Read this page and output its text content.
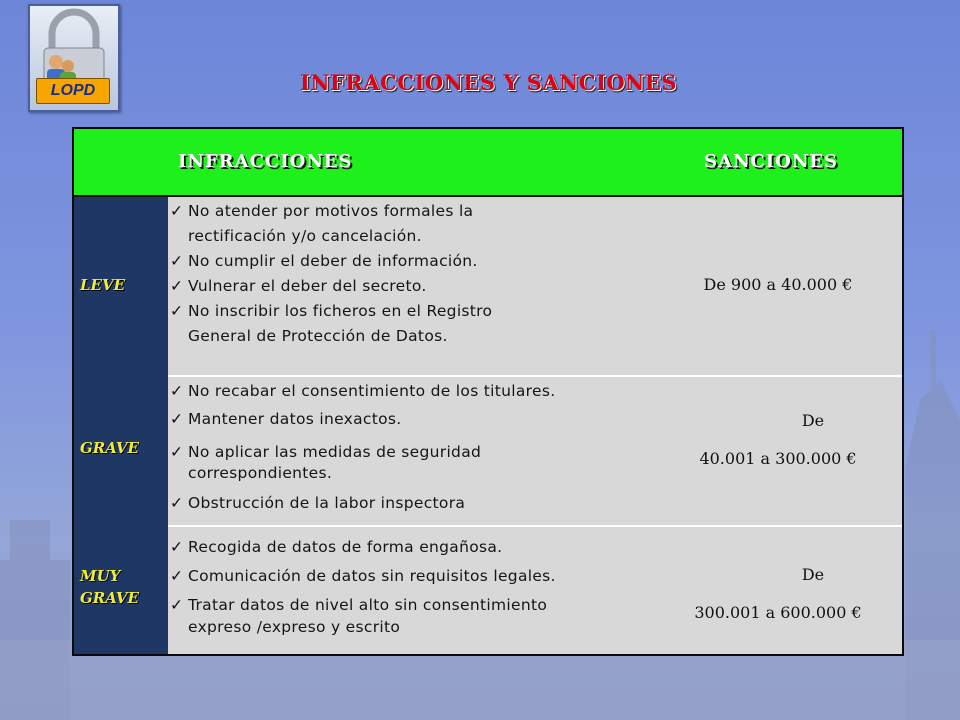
LOPD	INFRACCIONES Y SANCIONES
INFRACCIONES	SANCIONES
LEVE
GRAVE
MUY
GRAVE
✓ No atender por motivos formales la
rectificación y/o cancelación.
✓ No cumplir el deber de información.
✓ Vulnerar el deber del secreto.
✓ No inscribir los ficheros en el Registro
General de Protección de Datos.
De 900 a 40.000 €
✓ No recabar el consentimiento de los titulares.
✓ Mantener datos inexactos.
✓ No aplicar las medidas de seguridad
correspondientes.
✓ Obstrucción de la labor inspectora
De
40.001 a 300.000 €
✓ Recogida de datos de forma engañosa.
✓ Comunicación de datos sin requisitos legales.
✓ Tratar datos de nivel alto sin consentimiento
expreso /expreso y escrito
De
300.001 a 600.000 €
